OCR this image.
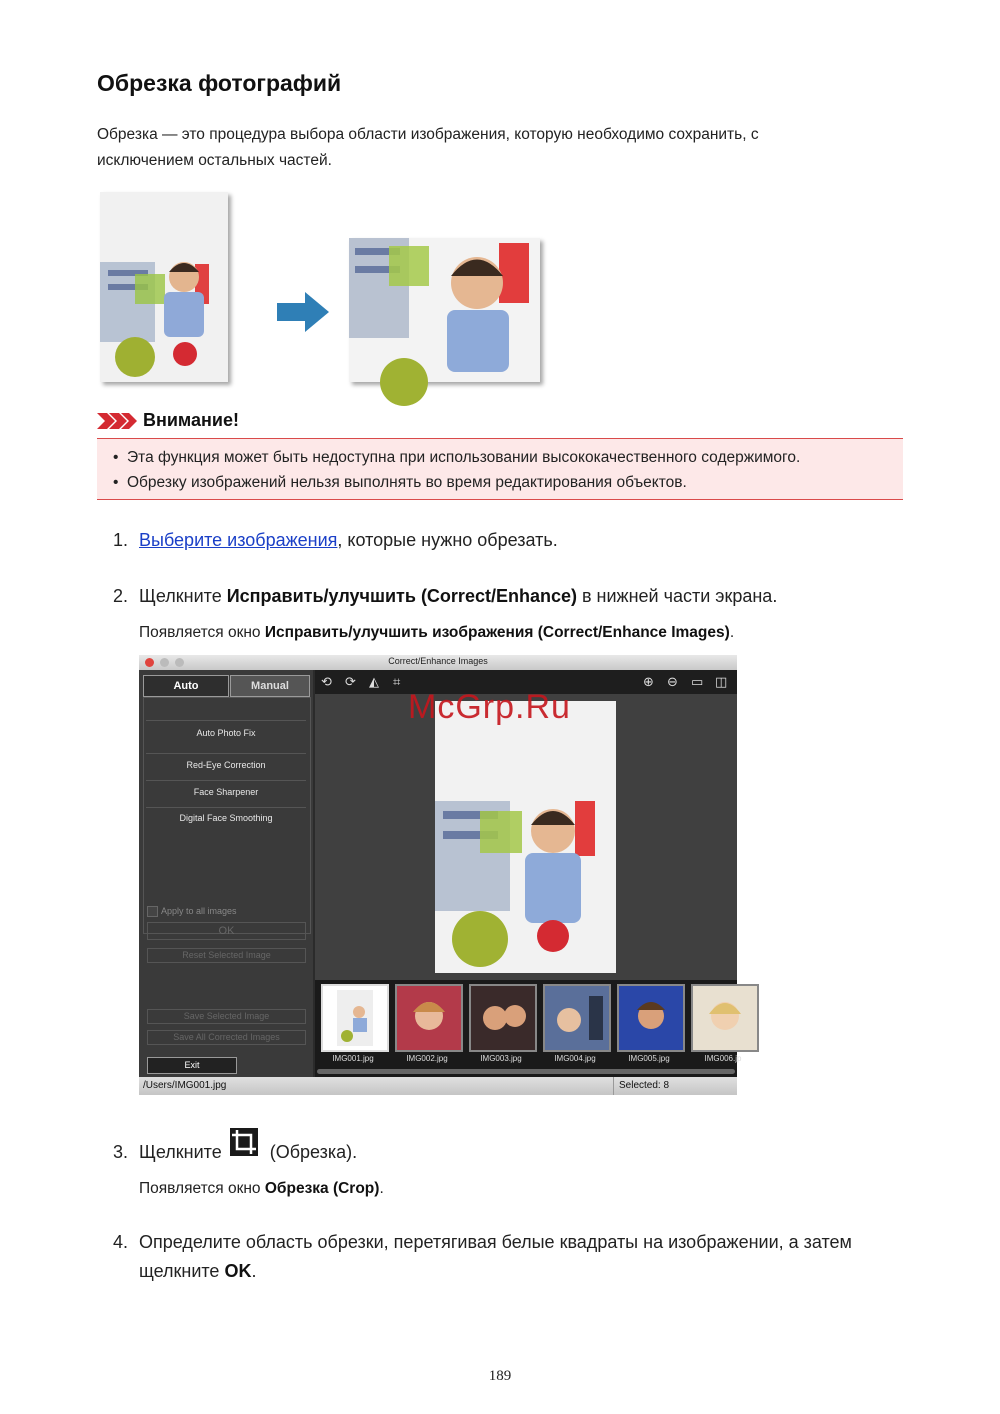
Обрезка фотографий
Обрезка — это процедура выбора области изображения, которую необходимо сохранить, с исключением остальных частей.
Внимание!
• Эта функция может быть недоступна при использовании высококачественного содержимого.
• Обрезку изображений нельзя выполнять во время редактирования объектов.
1. Выберите изображения, которые нужно обрезать.
2. Щелкните Исправить/улучшить (Correct/Enhance) в нижней части экрана.
Появляется окно Исправить/улучшить изображения (Correct/Enhance Images).
Correct/Enhance Images
Auto	Manual
Auto Photo Fix
Red-Eye Correction
Face Sharpener
Digital Face Smoothing
Apply to all images
OK
Reset Selected Image
Save Selected Image
Save All Corrected Images
Exit
⟲ ⟳ ◭ ⌗	⊕ ⊖ ▭ ◫
IMG001.jpg	IMG002.jpg	IMG003.jpg	IMG004.jpg	IMG005.jpg	IMG006.jp
/Users/IMG001.jpg	Selected: 8
McGrp.Ru
3. Щелкните  (Обрезка).
Появляется окно Обрезка (Crop).
4. Определите область обрезки, перетягивая белые квадраты на изображении, а затем
щелкните OK.
189
